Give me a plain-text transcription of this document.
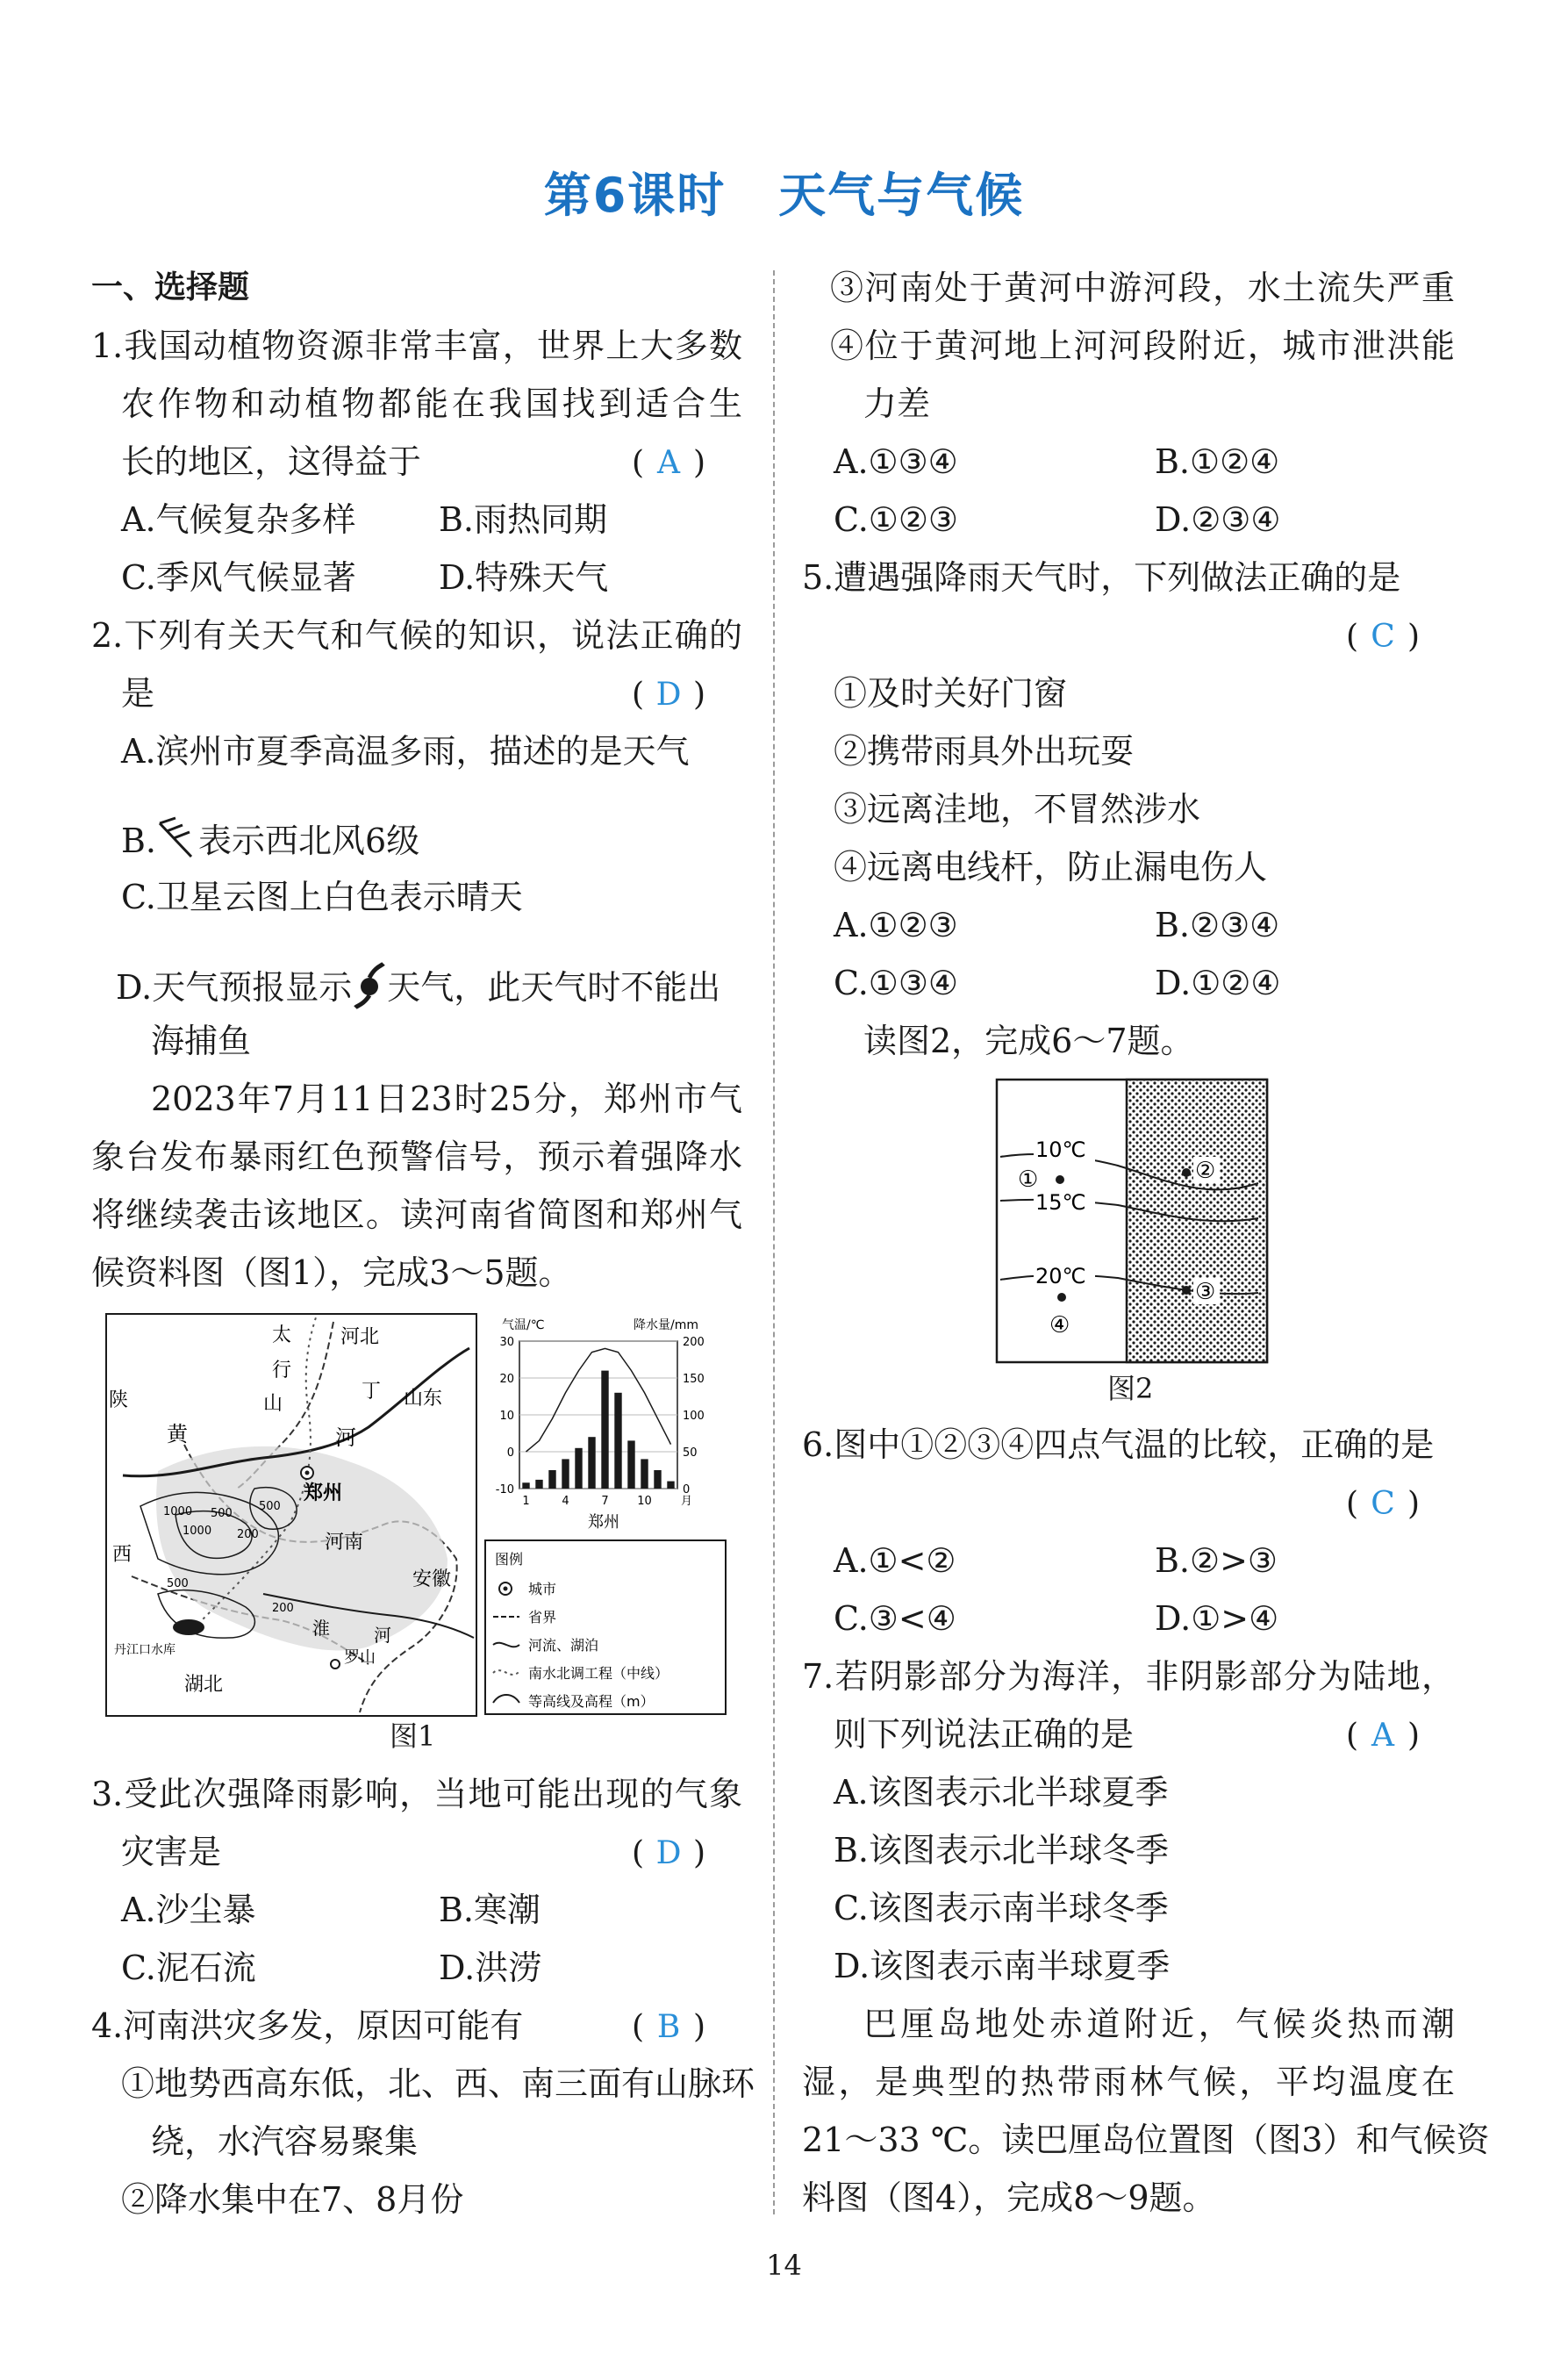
第6课时 天气与气候
一、选择题
1.我国动植物资源非常丰富，世界上大多数
农作物和动植物都能在我国找到适合生
长的地区，这得益于	( A )
A.气候复杂多样 B.雨热同期
C.季风气候显著 D.特殊天气
2.下列有关天气和气候的知识，说法正确的
是	( D )
A.滨州市夏季高温多雨，描述的是天气
B. 表示西北风6级
C.卫星云图上白色表示晴天
D.天气预报显示 天气，此天气时不能出
海捕鱼
2023年7月11日23时25分，郑州市气
象台发布暴雨红色预警信号，预示着强降水
将继续袭击该地区。读河南省简图和郑州气
候资料图（图1），完成3～5题。
太
行
山
河北
山东
丁
黄	河
陕
西
郑州
河南
安徽
湖北
丹江口水库
淮	河
罗山
1000
1000
500
500
200
200
500
气温/℃	降水量/mm
30
20
10
0
-10
200
150
100
50
0
1	4	7	10	月
郑州
图例
城市
省界
河流、湖泊
南水北调工程（中线）
等高线及高程（m）
图1
3.受此次强降雨影响，当地可能出现的气象
灾害是	( D )
A.沙尘暴	B.寒潮
C.泥石流	D.洪涝
4.河南洪灾多发，原因可能有	( B )
①地势西高东低，北、西、南三面有山脉环
绕，水汽容易聚集
②降水集中在7、8月份
③河南处于黄河中游河段，水土流失严重
④位于黄河地上河河段附近，城市泄洪能
力差
A.①③④	B.①②④
C.①②③	D.②③④
5.遭遇强降雨天气时，下列做法正确的是
( C )
①及时关好门窗
②携带雨具外出玩耍
③远离洼地，不冒然涉水
④远离电线杆，防止漏电伤人
A.①②③	B.②③④
C.①③④	D.①②④
读图2，完成6～7题。
10℃
15℃
20℃
①	②
③
④
图2
6.图中①②③④四点气温的比较，正确的是
( C )
A.①<②	B.②>③
C.③<④	D.①>④
7.若阴影部分为海洋，非阴影部分为陆地，
则下列说法正确的是	( A )
A.该图表示北半球夏季
B.该图表示北半球冬季
C.该图表示南半球冬季
D.该图表示南半球夏季
巴厘岛地处赤道附近，气候炎热而潮
湿，是典型的热带雨林气候，平均温度在
21～33 ℃。读巴厘岛位置图（图3）和气候资
料图（图4），完成8～9题。
14
